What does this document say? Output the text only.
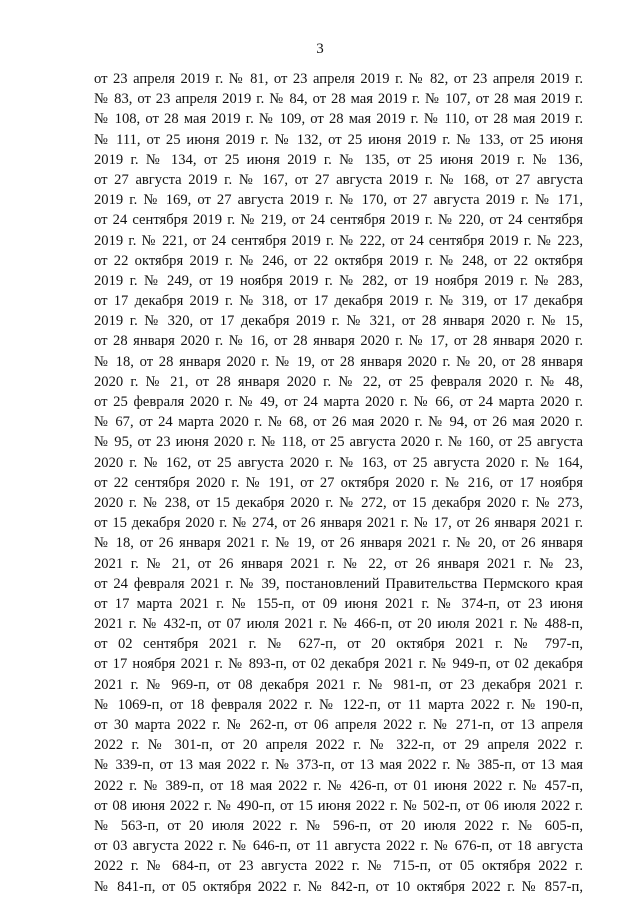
3
от 23 апреля 2019 г. № 81, от 23 апреля 2019 г. № 82, от 23 апреля 2019 г.
№ 83, от 23 апреля 2019 г. № 84, от 28 мая 2019 г. № 107, от 28 мая 2019 г.
№ 108, от 28 мая 2019 г. № 109, от 28 мая 2019 г. № 110, от 28 мая 2019 г.
№ 111, от 25 июня 2019 г. № 132, от 25 июня 2019 г. № 133, от 25 июня
2019 г. № 134, от 25 июня 2019 г. № 135, от 25 июня 2019 г. № 136,
от 27 августа 2019 г. № 167, от 27 августа 2019 г. № 168, от 27 августа
2019 г. № 169, от 27 августа 2019 г. № 170, от 27 августа 2019 г. № 171,
от 24 сентября 2019 г. № 219, от 24 сентября 2019 г. № 220, от 24 сентября
2019 г. № 221, от 24 сентября 2019 г. № 222, от 24 сентября 2019 г. № 223,
от 22 октября 2019 г. № 246, от 22 октября 2019 г. № 248, от 22 октября
2019 г. № 249, от 19 ноября 2019 г. № 282, от 19 ноября 2019 г. № 283,
от 17 декабря 2019 г. № 318, от 17 декабря 2019 г. № 319, от 17 декабря
2019 г. № 320, от 17 декабря 2019 г. № 321, от 28 января 2020 г. № 15,
от 28 января 2020 г. № 16, от 28 января 2020 г. № 17, от 28 января 2020 г.
№ 18, от 28 января 2020 г. № 19, от 28 января 2020 г. № 20, от 28 января
2020 г. № 21, от 28 января 2020 г. № 22, от 25 февраля 2020 г. № 48,
от 25 февраля 2020 г. № 49, от 24 марта 2020 г. № 66, от 24 марта 2020 г.
№ 67, от 24 марта 2020 г. № 68, от 26 мая 2020 г. № 94, от 26 мая 2020 г.
№ 95, от 23 июня 2020 г. № 118, от 25 августа 2020 г. № 160, от 25 августа
2020 г. № 162, от 25 августа 2020 г. № 163, от 25 августа 2020 г. № 164,
от 22 сентября 2020 г. № 191, от 27 октября 2020 г. № 216, от 17 ноября
2020 г. № 238, от 15 декабря 2020 г. № 272, от 15 декабря 2020 г. № 273,
от 15 декабря 2020 г. № 274, от 26 января 2021 г. № 17, от 26 января 2021 г.
№ 18, от 26 января 2021 г. № 19, от 26 января 2021 г. № 20, от 26 января
2021 г. № 21, от 26 января 2021 г. № 22, от 26 января 2021 г. № 23,
от 24 февраля 2021 г. № 39, постановлений Правительства Пермского края
от 17 марта 2021 г. № 155-п, от 09 июня 2021 г. № 374-п, от 23 июня
2021 г. № 432-п, от 07 июля 2021 г. № 466-п, от 20 июля 2021 г. № 488-п,
от 02 сентября 2021 г. № 627-п, от 20 октября 2021 г. № 797-п,
от 17 ноября 2021 г. № 893-п, от 02 декабря 2021 г. № 949-п, от 02 декабря
2021 г. № 969-п, от 08 декабря 2021 г. № 981-п, от 23 декабря 2021 г.
№ 1069-п, от 18 февраля 2022 г. № 122-п, от 11 марта 2022 г. № 190-п,
от 30 марта 2022 г. № 262-п, от 06 апреля 2022 г. № 271-п, от 13 апреля
2022 г. № 301-п, от 20 апреля 2022 г. № 322-п, от 29 апреля 2022 г.
№ 339-п, от 13 мая 2022 г. № 373-п, от 13 мая 2022 г. № 385-п, от 13 мая
2022 г. № 389-п, от 18 мая 2022 г. № 426-п, от 01 июня 2022 г. № 457-п,
от 08 июня 2022 г. № 490-п, от 15 июня 2022 г. № 502-п, от 06 июля 2022 г.
№ 563-п, от 20 июля 2022 г. № 596-п, от 20 июля 2022 г. № 605-п,
от 03 августа 2022 г. № 646-п, от 11 августа 2022 г. № 676-п, от 18 августа
2022 г. № 684-п, от 23 августа 2022 г. № 715-п, от 05 октября 2022 г.
№ 841-п, от 05 октября 2022 г. № 842-п, от 10 октября 2022 г. № 857-п,
